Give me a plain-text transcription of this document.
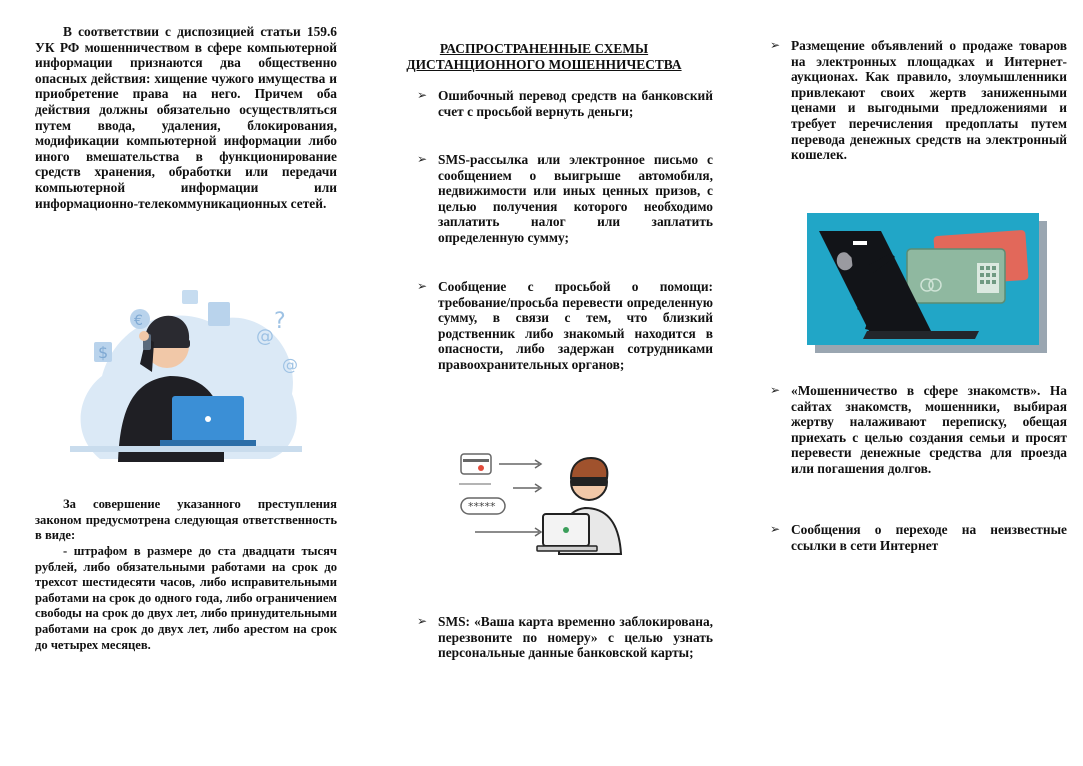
В соответствии с диспозицией статьи 159.6 УК РФ мошенничеством в сфере компьютерной информации признаются два общественно опасных действия: хищение чужого имущества и приобретение права на него. Причем оба действия должны обязательно осуществляться путем ввода, удаления, блокирования, модификации компьютерной информации либо иного вмешательства в функционирование средств хранения, обработки или передачи компьютерной информации или информационно-телекоммуникационных сетей.

$
€	?
@
@

За совершение указанного преступления законом предусмотрена следующая ответственность в виде:

- штрафом в размере до ста двадцати тысяч рублей, либо обязательными работами на срок до трехсот шестидесяти часов, либо исправительными работами на срок до одного года, либо ограничением свободы на срок до двух лет, либо принудительными работами на срок до двух лет, либо арестом на срок до четырех месяцев.

РАСПРОСТРАНЕННЫЕ СХЕМЫ

ДИСТАНЦИОННОГО МОШЕННИЧЕСТВА

➢ Ошибочный перевод средств на банковский счет с просьбой вернуть деньги;
➢ SMS-рассылка или электронное письмо с сообщением о выигрыше автомобиля, недвижимости или иных ценных призов, с целью получения которого необходимо заплатить налог или заплатить определенную сумму;
➢ Сообщение с просьбой о помощи: требование/просьба перевести определенную сумму, в связи с тем, что близкий родственник либо знакомый находится в опасности, либо задержан сотрудниками правоохранительных органов;
*****
➢ SMS: «Ваша карта временно заблокирована, перезвоните по номеру» с целью узнать персональные данные банковской карты;
➢ Размещение объявлений о продаже товаров на электронных площадках и Интернет-аукционах. Как правило, злоумышленники привлекают своих жертв заниженными ценами и выгодными предложениями и требует перечисления предоплаты путем перевода денежных средств на электронный кошелек.
➢ «Мошенничество в сфере знакомств». На сайтах знакомств, мошенники, выбирая жертву налаживают переписку, обещая приехать с целью создания семьи и просят перевести денежные средства для проезда или погашения долгов.
➢ Сообщения о переходе на неизвестные ссылки в сети Интернет
